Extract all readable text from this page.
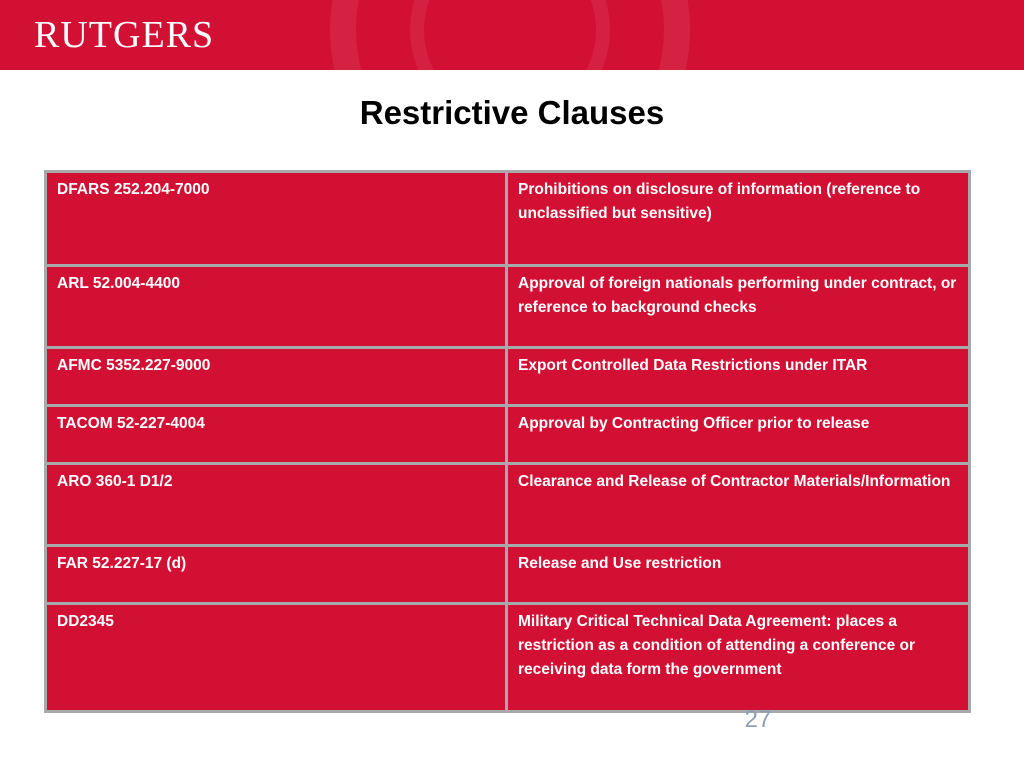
RUTGERS
Restrictive Clauses
DFARS 252.204-7000	Prohibitions on disclosure of information (reference to unclassified but sensitive)
ARL 52.004-4400	Approval of foreign nationals performing under contract, or reference to background checks
AFMC 5352.227-9000	Export Controlled Data Restrictions under ITAR
TACOM 52-227-4004	Approval by Contracting Officer prior to release
ARO 360-1 D1/2	Clearance and Release of Contractor Materials/Information
FAR 52.227-17 (d)	Release and Use restriction
DD2345	Military Critical Technical Data Agreement: places a restriction as a condition of attending a conference or receiving data form the government
27
